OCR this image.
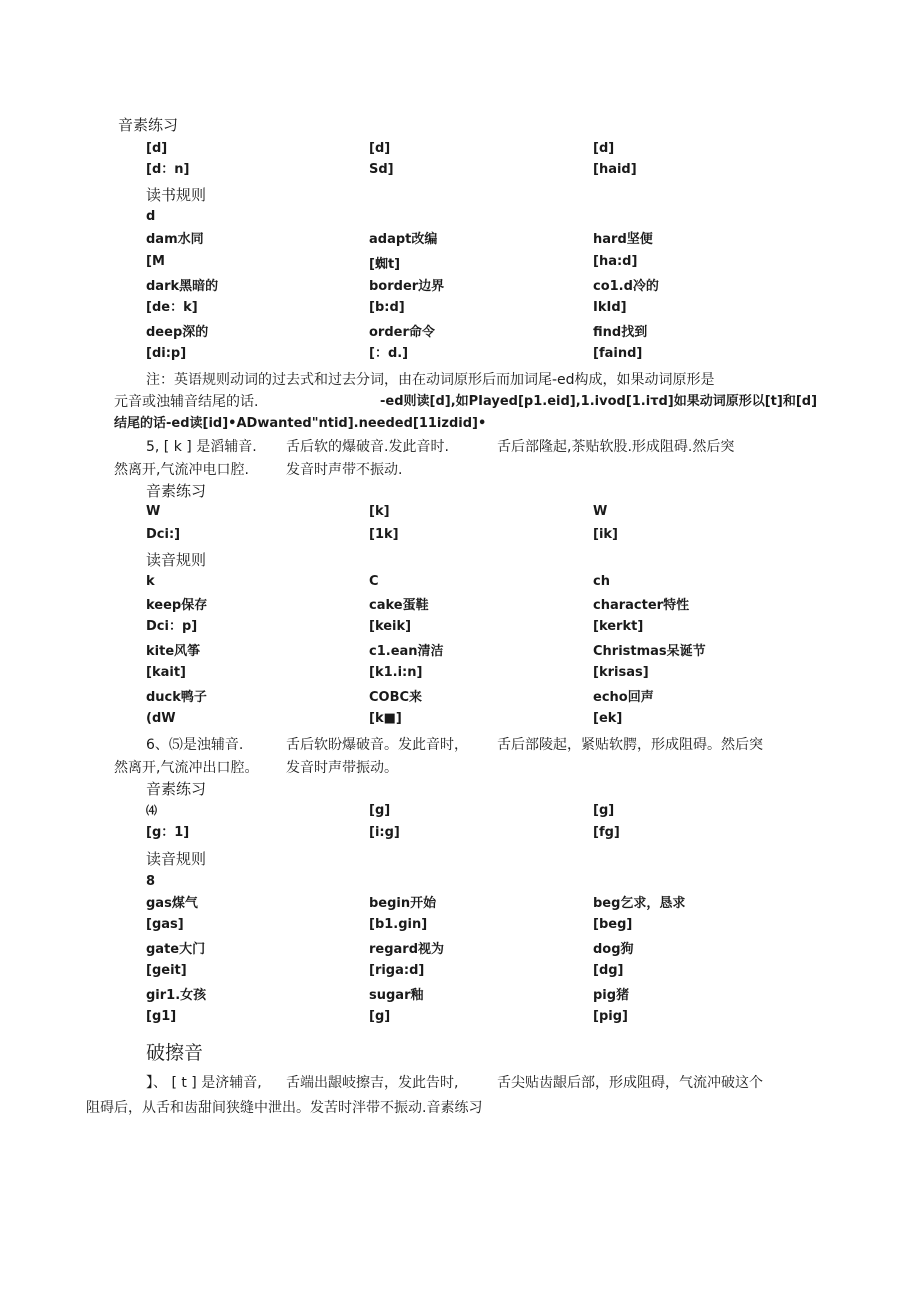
音素练习
[d]	[d]	[d]
[d：n]	Sd]	[haid]
读书规则
d
dam水同	adapt改编	hard坚便
[M	[蜘t]	[ha:d]
dark黑暗的	border边界	co1.d冷的
[de：k]	[b:d]	IkId]
deep深的	order命令	find找到
[di:p]	[：d.]	[faind]
注：英语规则动词的过去式和过去分词，由在动词原形后而加词尾-ed构成，如果动词原形是
元音或浊辅音结尾的话.	-ed则读[d],如PIayed[p1.eid],1.ivod[1.iτd]如果动词原形以[t]和[d]
结尾的话-ed读[id]•ADwanted"ntid].needed[11izdid]•
5, [ k ] 是滔辅音. 舌后软的爆破音.发此音时.	舌后部隆起,茶贴软股.形成阻碍.然后突
然离开,气流冲电口腔.	发音时声带不振动.
音素练习
W	[k]	W
Dci:]	[1k]	[ik]
读音规则
k	C	ch
keep保存	cake蛋鞋	character特性
Dci：p]	[keik]	[kerkt]
kite风筝	c1.ean清洁	Christmas呆诞节
[kait]	[k1.i:n]	[krisas]
duck鸭子	COBC来	echo回声
(dW	[k■]	[ek]
6、⑸是浊辅音.	舌后软盼爆破音。发此音时， 舌后部陵起，紧贴软腭，形成阻碍。然后突
然离开,气流冲出口腔。 发音时声带振动。
音素练习
⑷	[g]	[g]
[g：1]	[i:g]	[fg]
读音规则
8
gas煤气	begin开始	beg乞求，恳求
[gas]	[b1.gin]	[beg]
gate大门	regard视为	dog狗
[geit]	[riga:d]	[dg]
gir1.女孩	sugar釉	pig猪
[g1]	[g]	[pig]
破擦音
】、 [ t ] 是济辅音, 舌端出龈岐擦吉，发此告时,	舌尖贴齿龈后部，形成阻碍，气流冲破这个
阻碍后，从舌和齿甜间狭缝中泄出。发苦时泮带不振动.音素练习
